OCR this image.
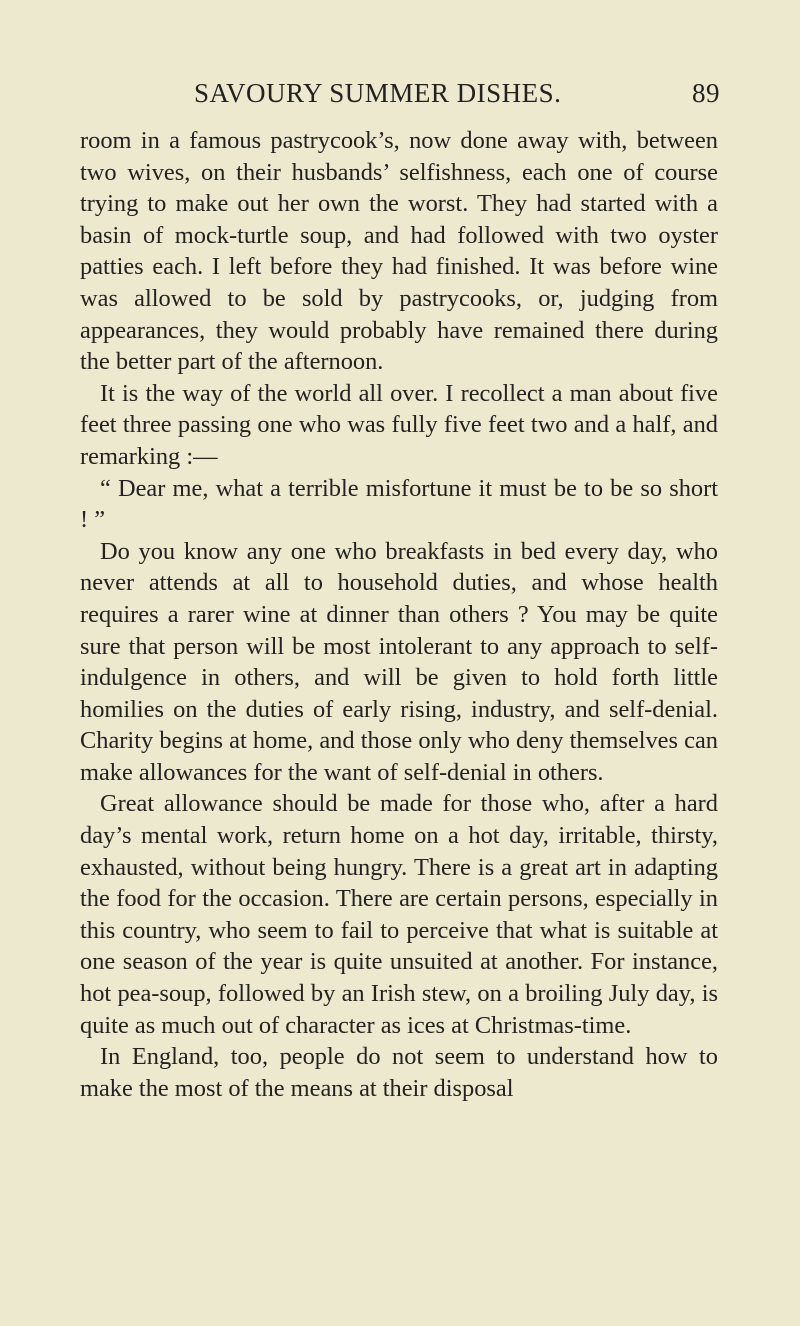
SAVOURY SUMMER DISHES.	89

room in a famous pastrycook’s, now done away with, between two wives, on their husbands’ selfishness, each one of course trying to make out her own the worst. They had started with a basin of mock-turtle soup, and had followed with two oyster patties each. I left before they had finished. It was before wine was allowed to be sold by pastrycooks, or, judging from appearances, they would probably have remained there during the better part of the afternoon.

It is the way of the world all over. I recollect a man about five feet three passing one who was fully five feet two and a half, and remarking :—

“ Dear me, what a terrible misfortune it must be to be so short ! ”

Do you know any one who breakfasts in bed every day, who never attends at all to household duties, and whose health requires a rarer wine at dinner than others ? You may be quite sure that person will be most intolerant to any approach to self-indulgence in others, and will be given to hold forth little homilies on the duties of early rising, industry, and self-denial. Charity begins at home, and those only who deny themselves can make allowances for the want of self-denial in others.

Great allowance should be made for those who, after a hard day’s mental work, return home on a hot day, irritable, thirsty, exhausted, without being hungry. There is a great art in adapting the food for the occasion. There are certain persons, especially in this country, who seem to fail to perceive that what is suitable at one season of the year is quite unsuited at another. For instance, hot pea-soup, followed by an Irish stew, on a broiling July day, is quite as much out of character as ices at Christmas-time.

In England, too, people do not seem to understand how to make the most of the means at their disposal
